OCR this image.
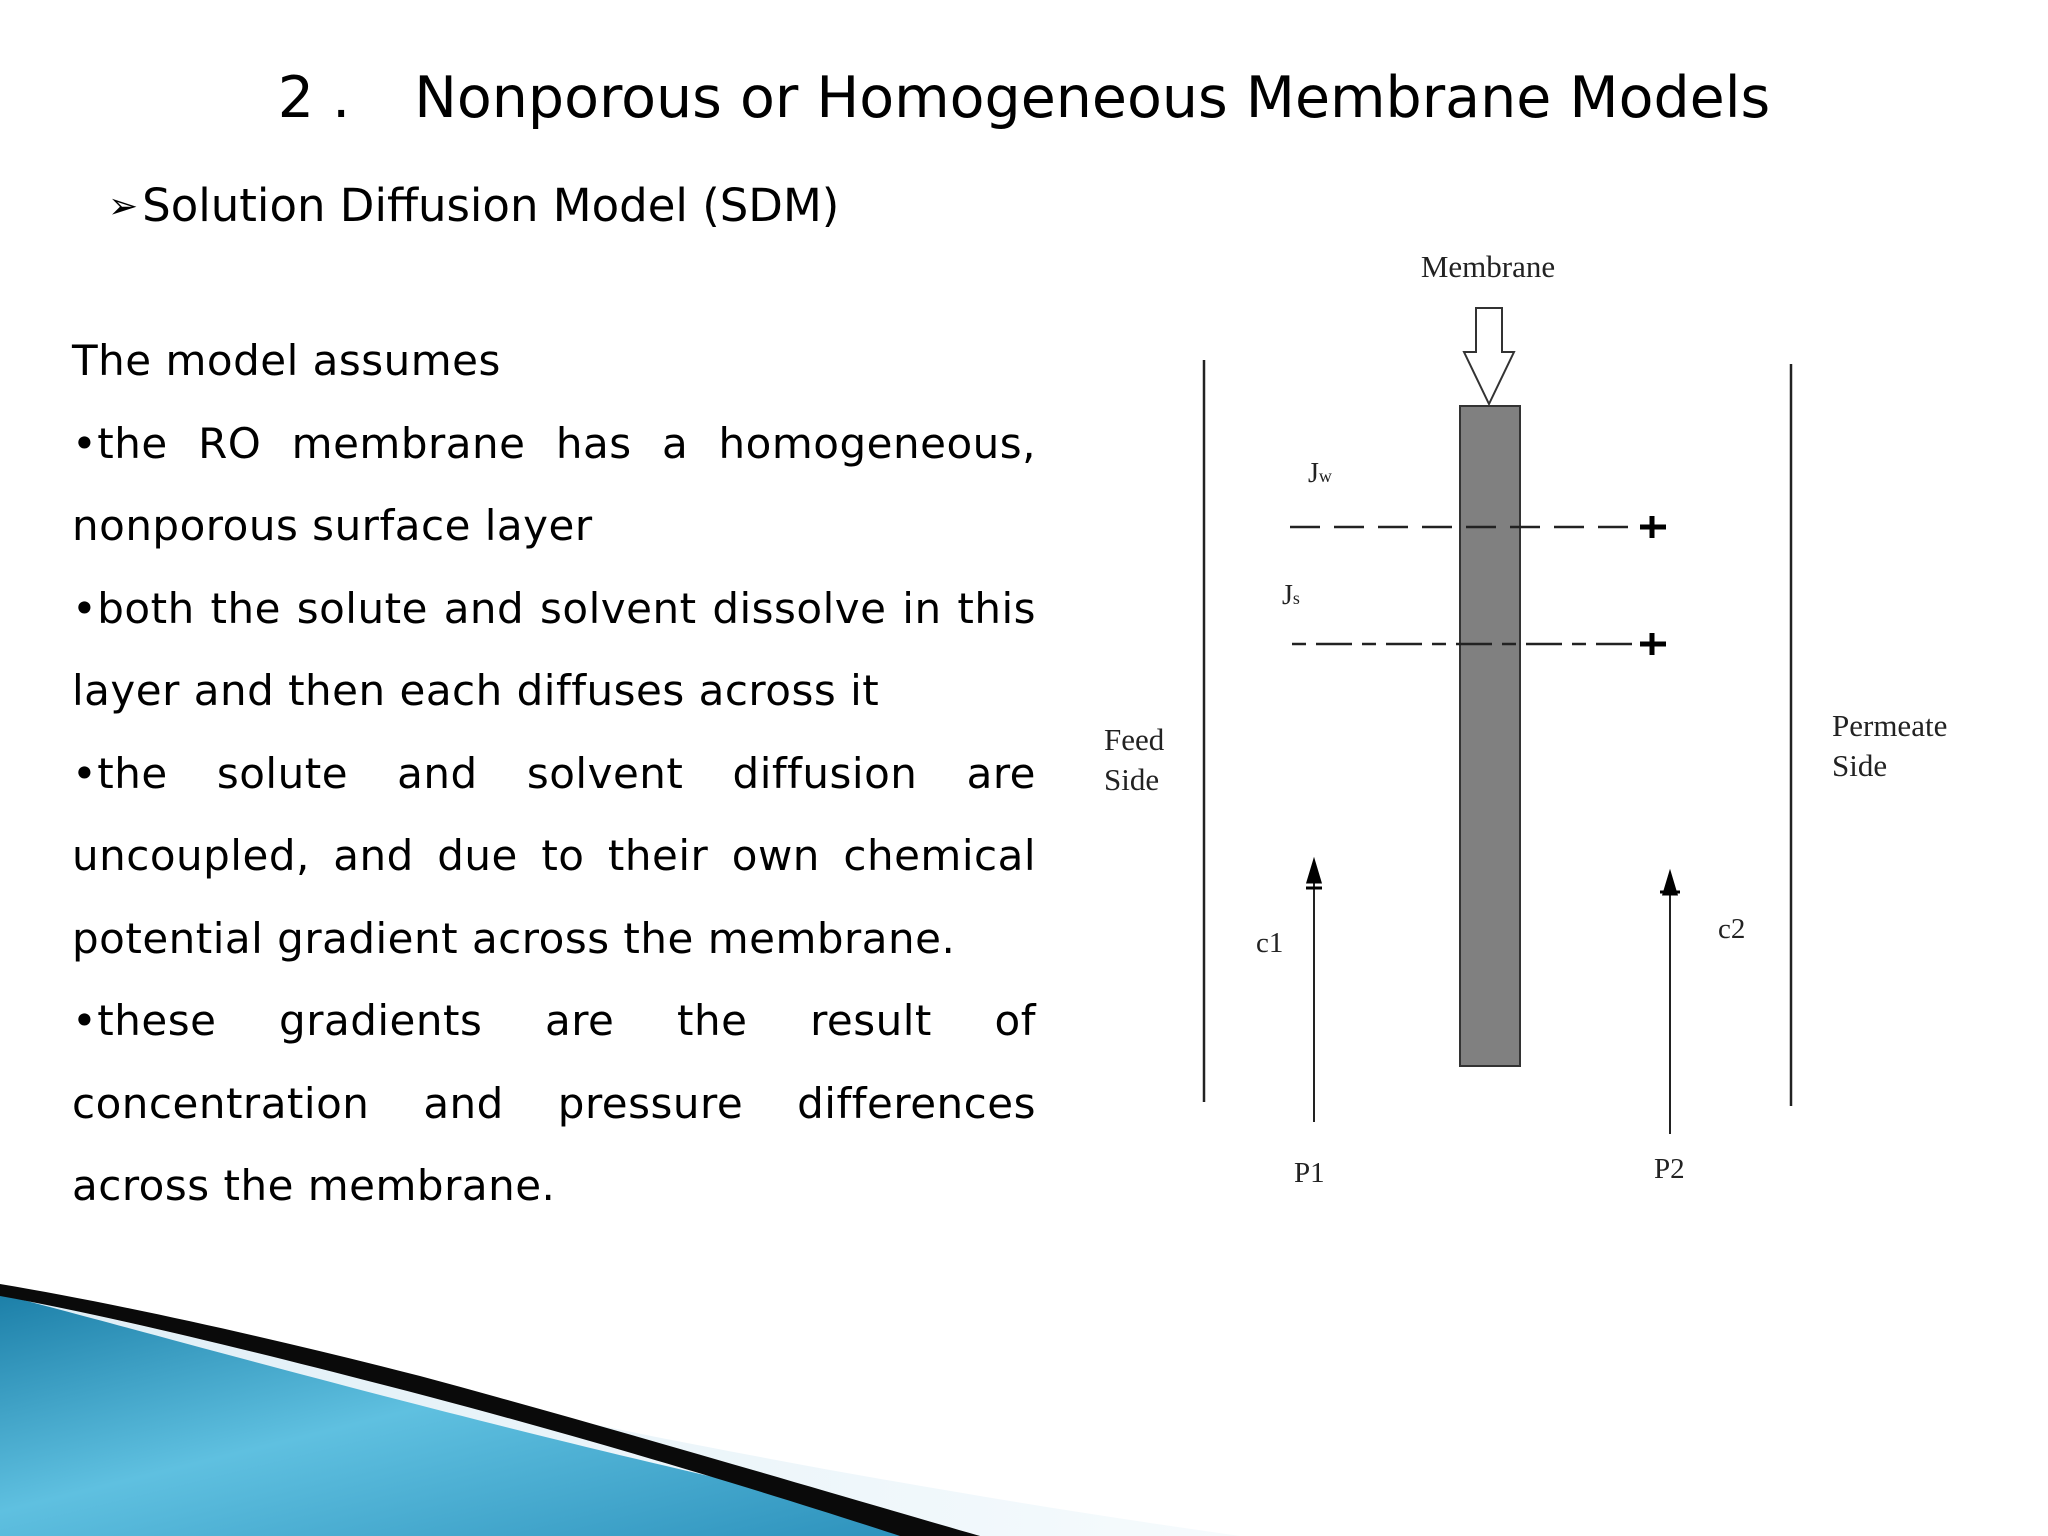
2 . Nonporous or Homogeneous Membrane Models
➢Solution Diffusion Model (SDM)

The model assumes

•the RO membrane has a homogeneous, nonporous surface layer

•both the solute and solvent dissolve in this layer and then each diffuses across it

•the solute and solvent diffusion are uncoupled, and due to their own chemical potential gradient across the membrane.

•these gradients are the result of concentration and pressure differences across the membrane.

Membrane
Jw
Js
Feed
Side
Permeate
Side
c1	c2
P1	P2
